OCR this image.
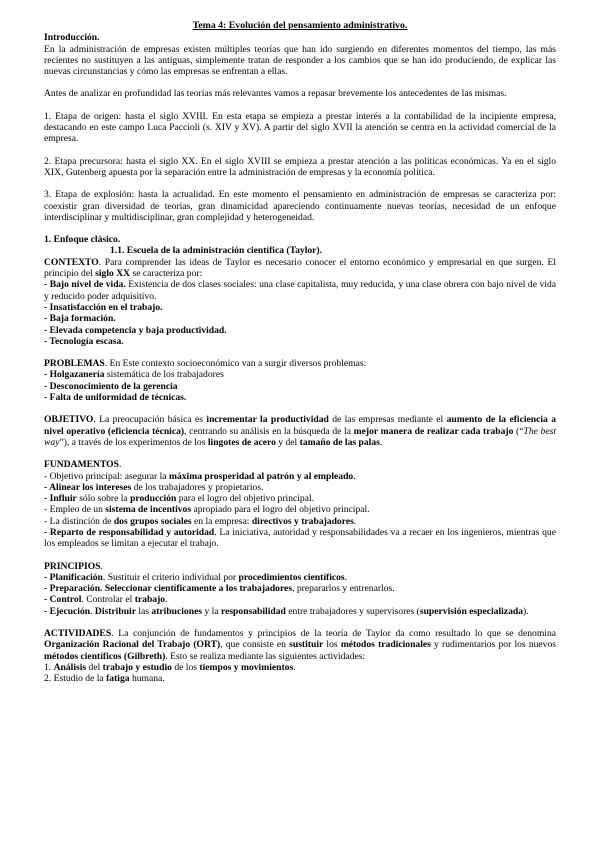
Tema 4: Evolución del pensamiento administrativo.
Introducción.

En la administración de empresas existen múltiples teorías que han ido surgiendo en diferentes momentos del tiempo, las más recientes no sustituyen a las antiguas, simplemente tratan de responder a los cambios que se han ido produciendo, de explicar las nuevas circunstancias y cómo las empresas se enfrentan a ellas.

Antes de analizar en profundidad las teorías más relevantes vamos a repasar brevemente los antecedentes de las mismas.

1. Etapa de origen: hasta el siglo XVIII. En esta etapa se empieza a prestar interés a la contabilidad de la incipiente empresa, destacando en este campo Luca Paccioli (s. XIV y XV). A partir del siglo XVII la atención se centra en la actividad comercial de la empresa.

2. Etapa precursora: hasta el siglo XX. En el siglo XVIII se empieza a prestar atención a las políticas económicas. Ya en el siglo XIX, Gutenberg apuesta por la separación entre la administración de empresas y la economía política.

3. Etapa de explosión: hasta la actualidad. En este momento el pensamiento en administración de empresas se caracteriza por: coexistir gran diversidad de teorías, gran dinamicidad apareciendo continuamente nuevas teorías, necesidad de un enfoque interdisciplinar y multidisciplinar, gran complejidad y heterogeneidad.

1. Enfoque clásico.
1.1. Escuela de la administración científica (Taylor).

CONTEXTO. Para comprender las ideas de Taylor es necesario conocer el entorno económico y empresarial en que surgen. El principio del siglo XX se caracteriza por:

- Bajo nivel de vida. Existencia de dos clases sociales: una clase capitalista, muy reducida, y una clase obrera con bajo nivel de vida y reducido poder adquisitivo.

- Insatisfacción en el trabajo.
- Baja formación.
- Elevada competencia y baja productividad.
- Tecnología escasa.

PROBLEMAS. En Este contexto socioeconómico van a surgir diversos problemas:

- Holgazanería sistemática de los trabajadores
- Desconocimiento de la gerencia
- Falta de uniformidad de técnicas.

OBJETIVO. La preocupación básica es incrementar la productividad de las empresas mediante el aumento de la eficiencia a nivel operativo (eficiencia técnica), centrando su análisis en la búsqueda de la mejor manera de realizar cada trabajo (“The best way”), a través de los experimentos de los lingotes de acero y del tamaño de las palas.

FUNDAMENTOS.

- Objetivo principal: asegurar la máxima prosperidad al patrón y al empleado.
- Alinear los intereses de los trabajadores y propietarios.
- Influir sólo sobre la producción para el logro del objetivo principal.
- Empleo de un sistema de incentivos apropiado para el logro del objetivo principal.
- La distinción de dos grupos sociales en la empresa: directivos y trabajadores.

- Reparto de responsabilidad y autoridad. La iniciativa, autoridad y responsabilidades va a recaer en los ingenieros, mientras que los empleados se limitan a ejecutar el trabajo.

PRINCIPIOS.

- Planificación. Sustituir el criterio individual por procedimientos científicos.
- Preparación. Seleccionar científicamente a los trabajadores, prepararlos y entrenarlos.
- Control. Controlar el trabajo.

- Ejecución. Distribuir las atribuciones y la responsabilidad entre trabajadores y supervisores (supervisión especializada).

ACTIVIDADES. La conjunción de fundamentos y principios de la teoría de Taylor da como resultado lo que se denomina Organización Racional del Trabajo (ORT), que consiste en sustituir los métodos tradicionales y rudimentarios por los nuevos métodos científicos (Gilbreth). Esto se realiza mediante las siguientes actividades:

1. Análisis del trabajo y estudio de los tiempos y movimientos.
2. Estudio de la fatiga humana.
